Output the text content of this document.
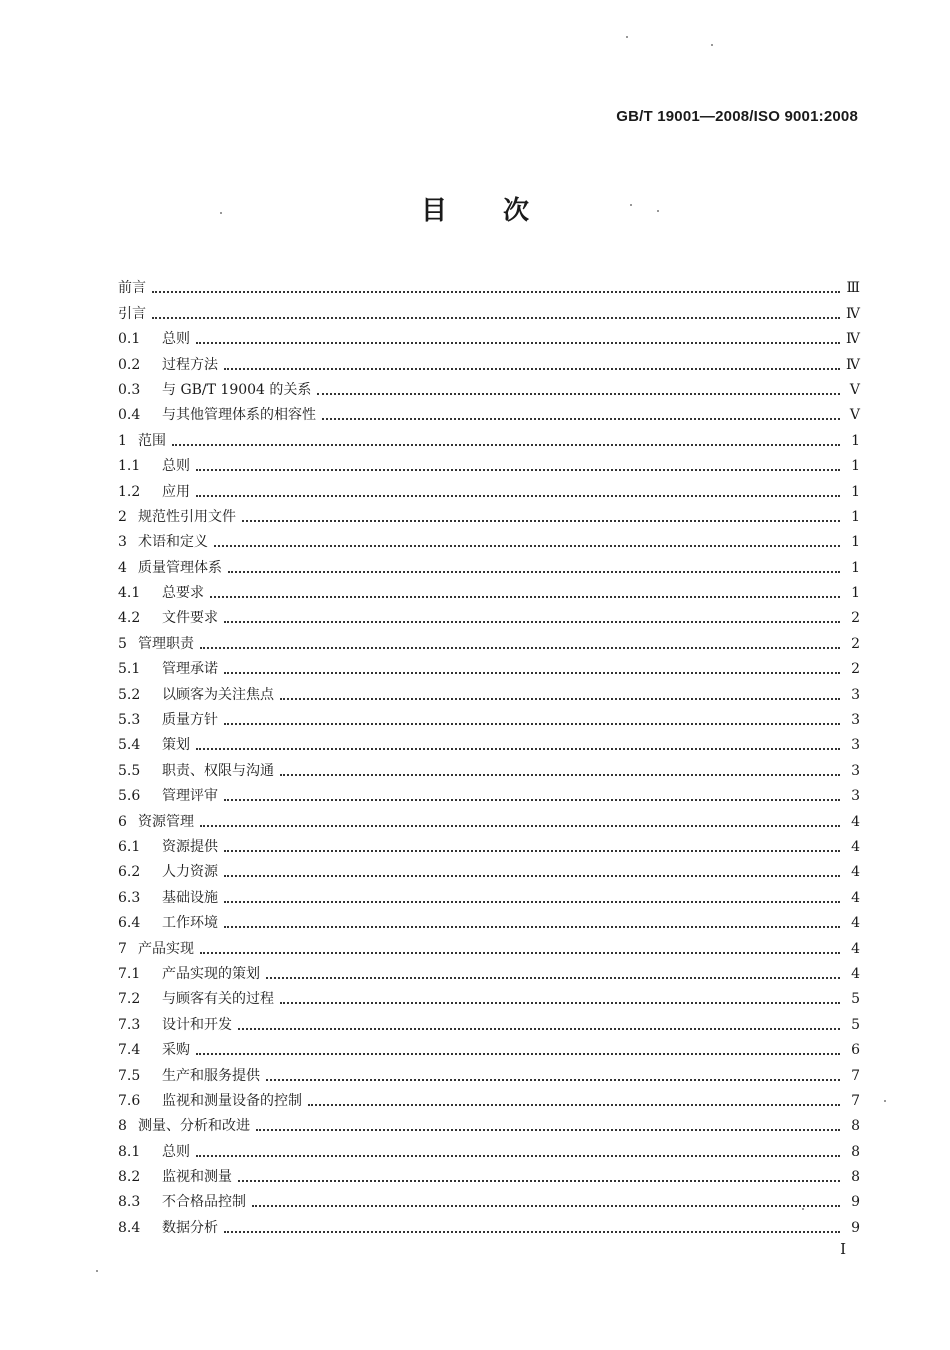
GB/T 19001—2008/ISO 9001:2008
目次
前言	Ⅲ
引言	Ⅳ
0.1	总则	Ⅳ
0.2	过程方法	Ⅳ
0.3	与 GB/T 19004 的关系	Ⅴ
0.4	与其他管理体系的相容性	Ⅴ
1 范围	1
1.1	总则	1
1.2	应用	1
2 规范性引用文件	1
3 术语和定义	1
4 质量管理体系	1
4.1	总要求	1
4.2	文件要求	2
5 管理职责	2
5.1	管理承诺	2
5.2	以顾客为关注焦点	3
5.3	质量方针	3
5.4	策划	3
5.5	职责、权限与沟通	3
5.6	管理评审	3
6 资源管理	4
6.1	资源提供	4
6.2	人力资源	4
6.3	基础设施	4
6.4	工作环境	4
7 产品实现	4
7.1	产品实现的策划	4
7.2	与顾客有关的过程	5
7.3	设计和开发	5
7.4	采购	6
7.5	生产和服务提供	7
7.6	监视和测量设备的控制	7
8 测量、分析和改进	8
8.1	总则	8
8.2	监视和测量	8
8.3	不合格品控制	9
8.4	数据分析	9
I
